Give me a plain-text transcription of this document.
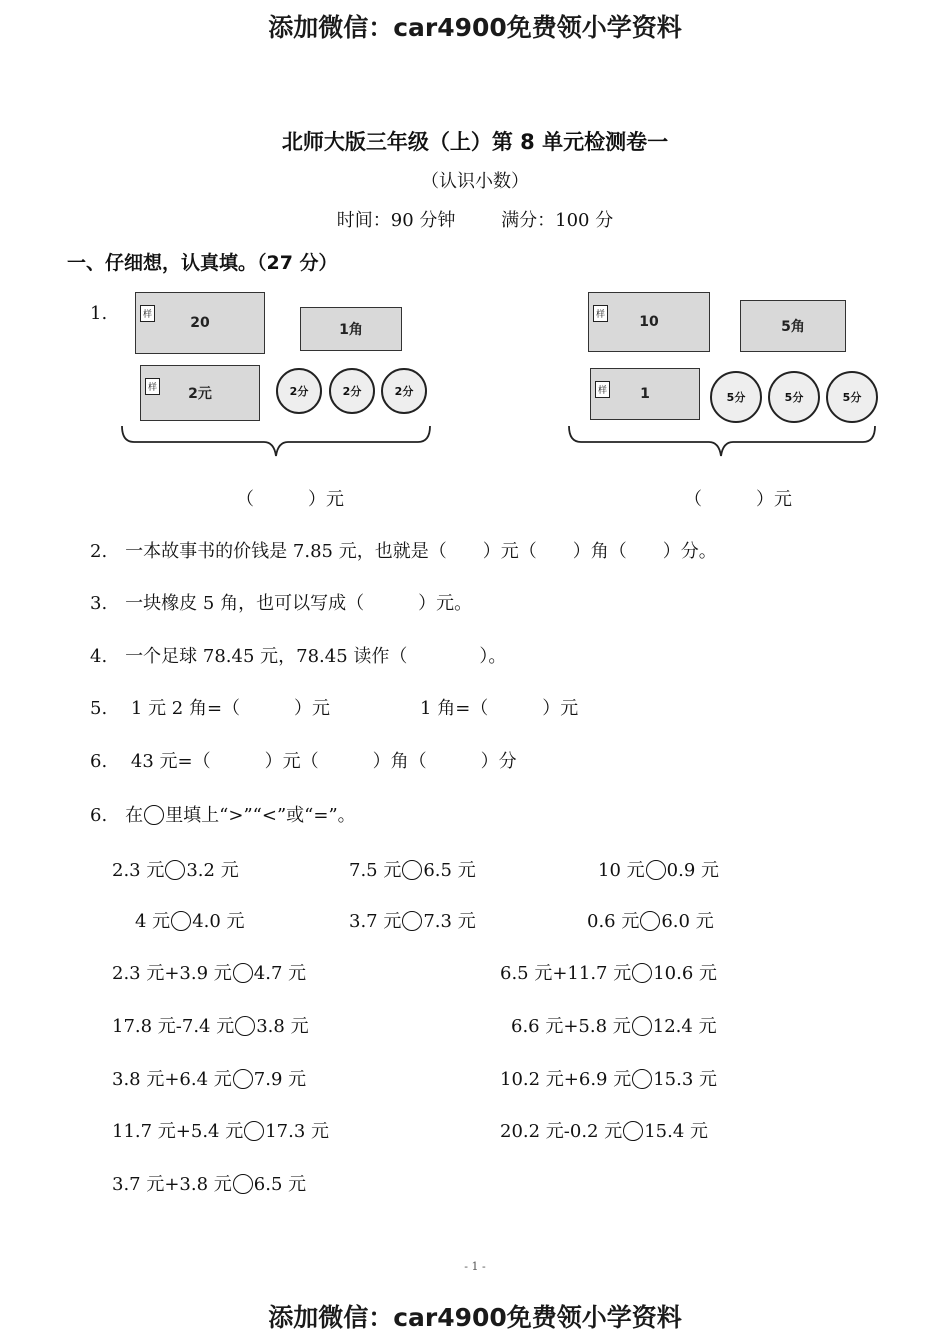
添加微信：car4900免费领小学资料
北师大版三年级（上）第 8 单元检测卷一
（认识小数）
时间：90 分钟	满分：100 分
一、仔细想，认真填。（27 分）
1.	样	20	1角
样 2元	2分	2分	2分
（　　　）元
样 10	5角
样 1	5分	5分	5分
（　　　）元
2.　一本故事书的价钱是 7.85 元，也就是（　　）元（　　）角（　　）分。
3.　一块橡皮 5 角，也可以写成（　　　）元。
4.　一个足球 78.45 元，78.45 读作（　　　　）。
5.　 1 元 2 角=（　　　）元　　　　　1 角=（　　　）元
6.　 43 元=（　　　）元（　　　）角（　　　）分
6.　在 里填上“>”“<”或“=”。
2.3 元 3.2 元	7.5 元 6.5 元	10 元 0.9 元
4 元 4.0 元	3.7 元 7.3 元	0.6 元 6.0 元
2.3 元+3.9 元 4.7 元	6.5 元+11.7 元 10.6 元
17.8 元-7.4 元 3.8 元	6.6 元+5.8 元 12.4 元
3.8 元+6.4 元 7.9 元	10.2 元+6.9 元 15.3 元
11.7 元+5.4 元 17.3 元	20.2 元-0.2 元 15.4 元
3.7 元+3.8 元 6.5 元
- 1 -
添加微信：car4900免费领小学资料
